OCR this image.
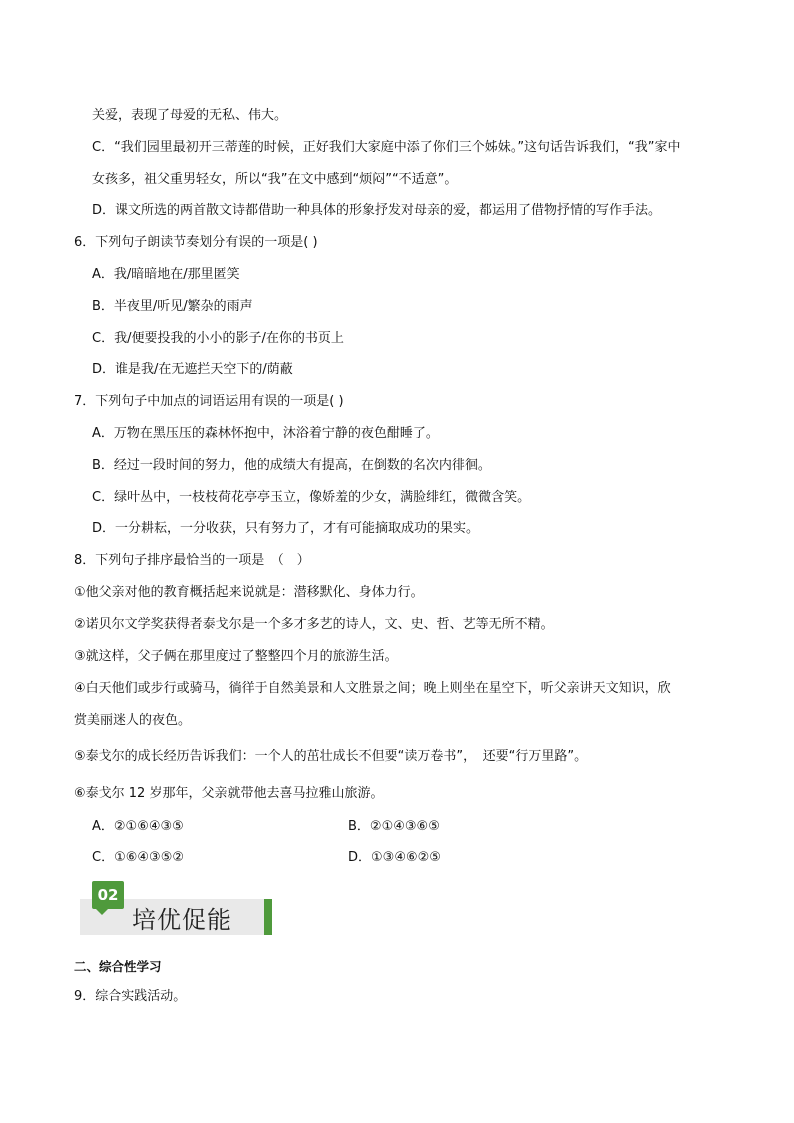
关爱，表现了母爱的无私、伟大。
C．“我们园里最初开三蒂莲的时候，正好我们大家庭中添了你们三个姊妹。”这句话告诉我们，“我”家中
女孩多，祖父重男轻女，所以“我”在文中感到“烦闷”“不适意”。
D．课文所选的两首散文诗都借助一种具体的形象抒发对母亲的爱，都运用了借物抒情的写作手法。
6．下列句子朗读节奏划分有误的一项是( )
A．我/暗暗地在/那里匿笑
B．半夜里/听见/繁杂的雨声
C．我/便要投我的小小的影子/在你的书页上
D．谁是我/在无遮拦天空下的/荫蔽
7．下列句子中加点的词语运用有误的一项是( )
A．万物在黑压压的森林怀抱中，沐浴着宁静的夜色酣睡了。
B．经过一段时间的努力，他的成绩大有提高，在倒数的名次内徘徊。
C．绿叶丛中，一枝枝荷花亭亭玉立，像娇羞的少女，满脸绯红，微微含笑。
D．一分耕耘，一分收获，只有努力了，才有可能摘取成功的果实。
8．下列句子排序最恰当的一项是　（　）
①他父亲对他的教育概括起来说就是：潜移默化、身体力行。
②诺贝尔文学奖获得者泰戈尔是一个多才多艺的诗人，文、史、哲、艺等无所不精。
③就这样，父子俩在那里度过了整整四个月的旅游生活。
④白天他们或步行或骑马，徜徉于自然美景和人文胜景之间；晚上则坐在星空下，听父亲讲天文知识，欣
赏美丽迷人的夜色。
⑤泰戈尔的成长经历告诉我们：一个人的茁壮成长不但要“读万卷书”，　还要“行万里路”。
⑥泰戈尔 12 岁那年，父亲就带他去喜马拉雅山旅游。
A．②①⑥④③⑤	B．②①④③⑥⑤
C．①⑥④③⑤②	D．①③④⑥②⑤
02
培优促能
二、综合性学习
9．综合实践活动。
